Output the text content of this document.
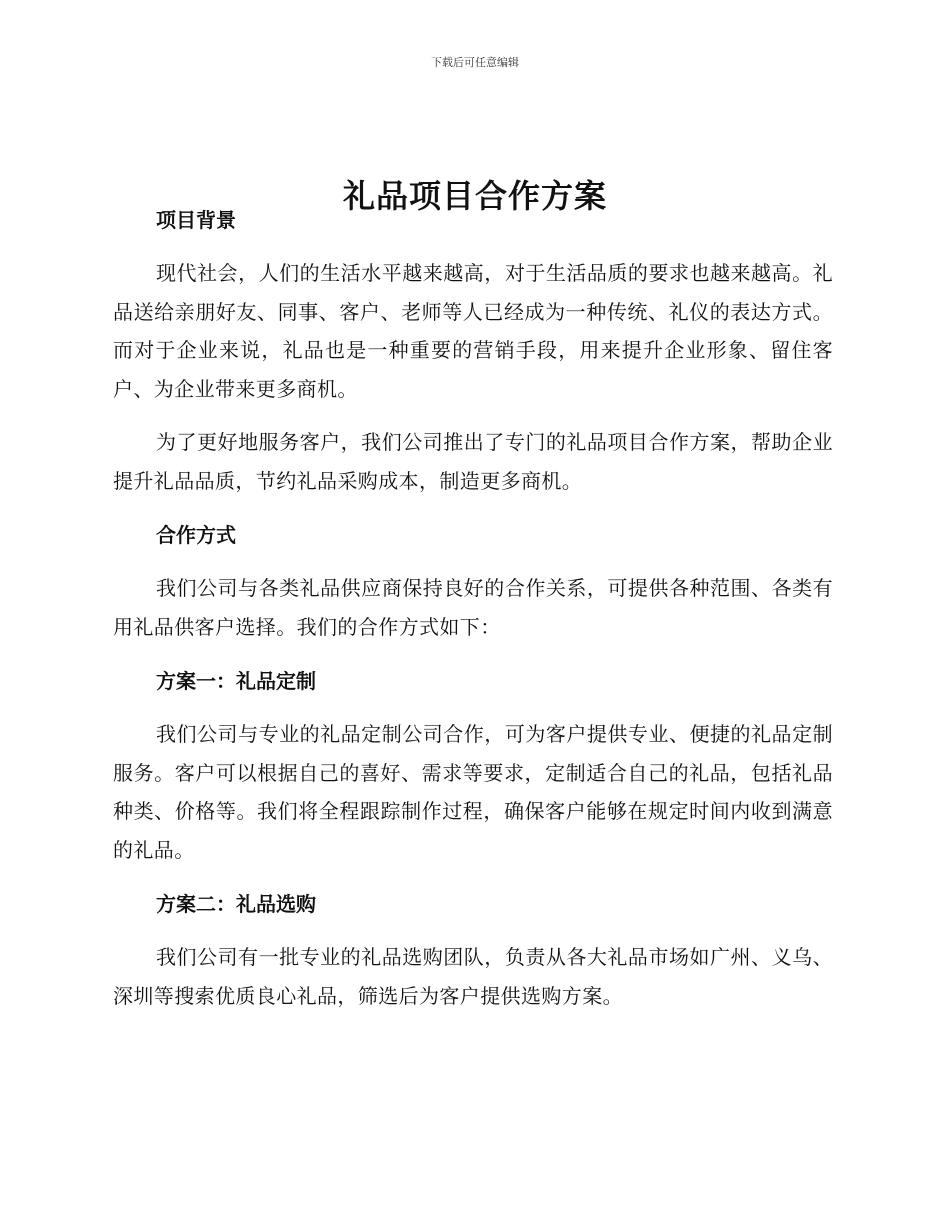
下载后可任意编辑
礼品项目合作方案
项目背景

现代社会，人们的生活水平越来越高，对于生活品质的要求也越来越高。礼品送给亲朋好友、同事、客户、老师等人已经成为一种传统、礼仪的表达方式。而对于企业来说，礼品也是一种重要的营销手段，用来提升企业形象、留住客户、为企业带来更多商机。

为了更好地服务客户，我们公司推出了专门的礼品项目合作方案，帮助企业提升礼品品质，节约礼品采购成本，制造更多商机。

合作方式

我们公司与各类礼品供应商保持良好的合作关系，可提供各种范围、各类有用礼品供客户选择。我们的合作方式如下：

方案一：礼品定制

我们公司与专业的礼品定制公司合作，可为客户提供专业、便捷的礼品定制服务。客户可以根据自己的喜好、需求等要求，定制适合自己的礼品，包括礼品种类、价格等。我们将全程跟踪制作过程，确保客户能够在规定时间内收到满意的礼品。

方案二：礼品选购

我们公司有一批专业的礼品选购团队，负责从各大礼品市场如广州、义乌、深圳等搜索优质良心礼品，筛选后为客户提供选购方案。
